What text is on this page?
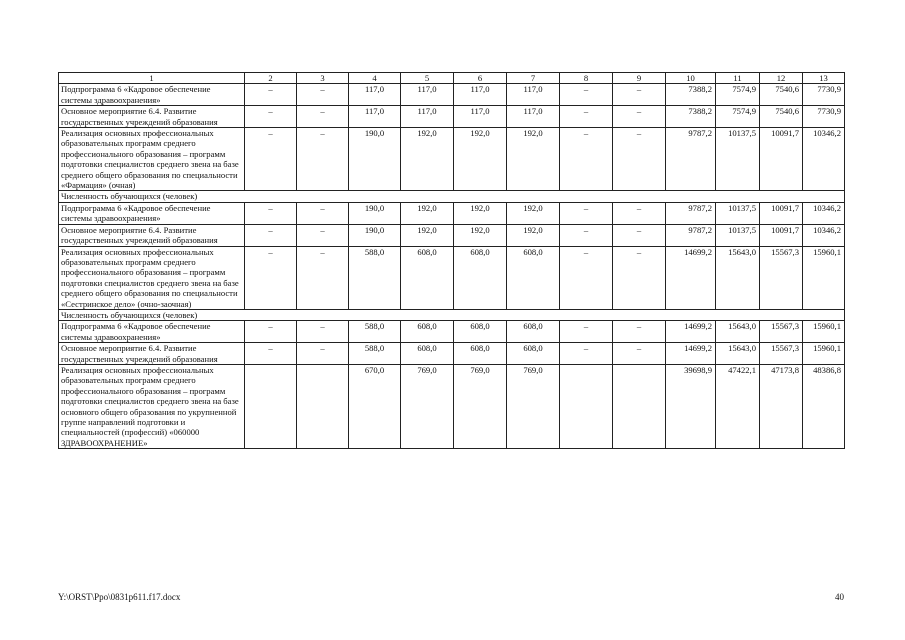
1	2	3	4	5	6	7	8	9	10	11	12	13
Подпрограмма 6 «Кадровое обеспечение системы здравоохранения»	–	–	117,0	117,0	117,0	117,0	–	–	7388,2	7574,9	7540,6	7730,9
Основное мероприятие 6.4. Развитие государственных учреждений образования	–	–	117,0	117,0	117,0	117,0	–	–	7388,2	7574,9	7540,6	7730,9
Реализация основных профессиональных образовательных программ среднего профессионального образования – программ подготовки специалистов среднего звена на базе среднего общего образования по специальности «Фармация» (очная)	–	–	190,0	192,0	192,0	192,0	–	–	9787,2	10137,5	10091,7	10346,2
Численность обучающихся (человек)												
Подпрограмма 6 «Кадровое обеспечение системы здравоохранения»	–	–	190,0	192,0	192,0	192,0	–	–	9787,2	10137,5	10091,7	10346,2
Основное мероприятие 6.4. Развитие государственных учреждений образования	–	–	190,0	192,0	192,0	192,0	–	–	9787,2	10137,5	10091,7	10346,2
Реализация основных профессиональных образовательных программ среднего профессионального образования – программ подготовки специалистов среднего звена на базе среднего общего образования по специальности «Сестринское дело» (очно-заочная)	–	–	588,0	608,0	608,0	608,0	–	–	14699,2	15643,0	15567,3	15960,1
Численность обучающихся (человек)												
Подпрограмма 6 «Кадровое обеспечение системы здравоохранения»	–	–	588,0	608,0	608,0	608,0	–	–	14699,2	15643,0	15567,3	15960,1
Основное мероприятие 6.4. Развитие государственных учреждений образования	–	–	588,0	608,0	608,0	608,0	–	–	14699,2	15643,0	15567,3	15960,1
Реализация основных профессиональных образовательных программ среднего профессионального образования – программ подготовки специалистов среднего звена на базе основного общего образования по укрупненной группе направлений подготовки и специальностей (профессий) «060000 ЗДРАВООХРАНЕНИЕ»			670,0	769,0	769,0	769,0			39698,9	47422,1	47173,8	48386,8
Y:\ORST\Ppo\0831p611.f17.docx	40
